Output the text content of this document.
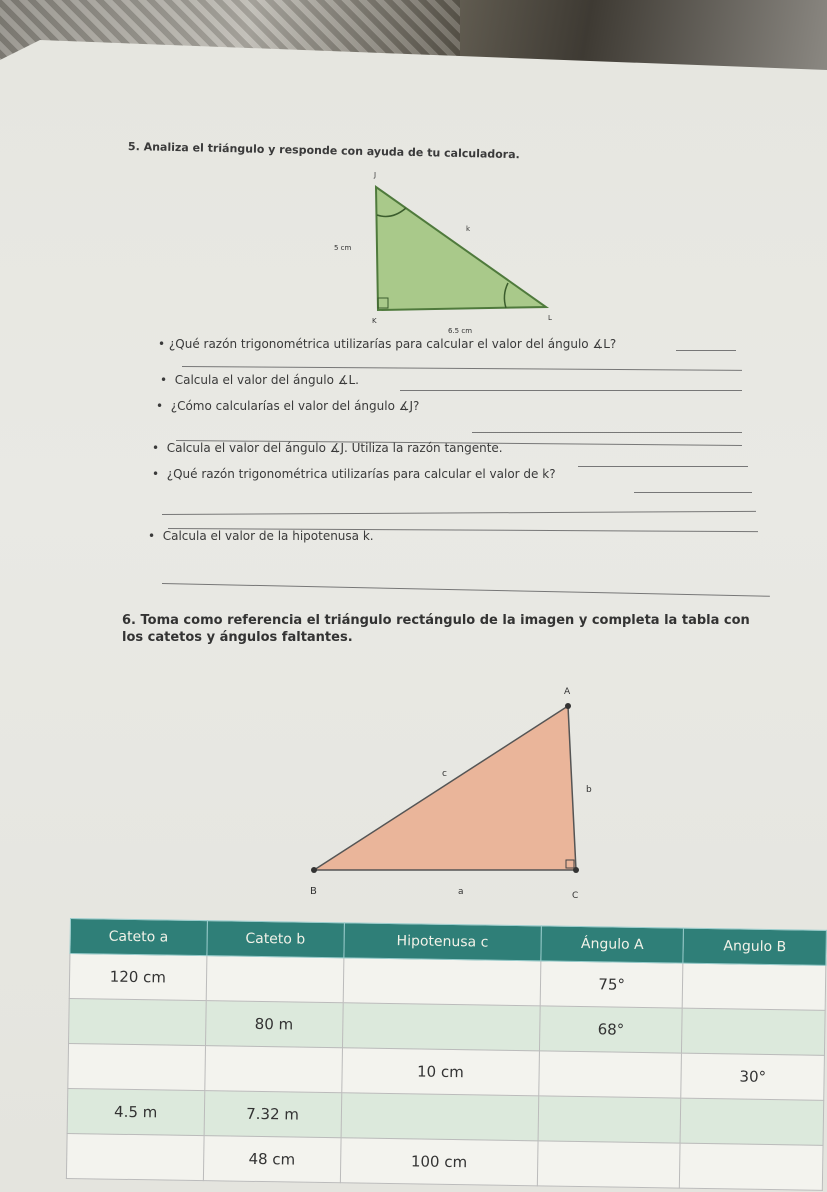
5. Analiza el triángulo y responde con ayuda de tu calculadora.
J
K	L
k
5 cm
6.5 cm
• ¿Qué razón trigonométrica utilizarías para calcular el valor del ángulo ∡L?
•  Calcula el valor del ángulo ∡L.
•  ¿Cómo calcularías el valor del ángulo ∡J?
•  Calcula el valor del ángulo ∡J. Utiliza la razón tangente.
•  ¿Qué razón trigonométrica utilizarías para calcular el valor de k?
•  Calcula el valor de la hipotenusa k.
6. Toma como referencia el triángulo rectángulo de la imagen y completa la tabla con
los catetos y ángulos faltantes.
A
B	C
a
b
c
Cateto a	Cateto b	Hipotenusa c	Ángulo A	Angulo B
120 cm			75°	
	80 m		68°	
		10 cm		30°
4.5 m	7.32 m			
	48 cm	100 cm		
